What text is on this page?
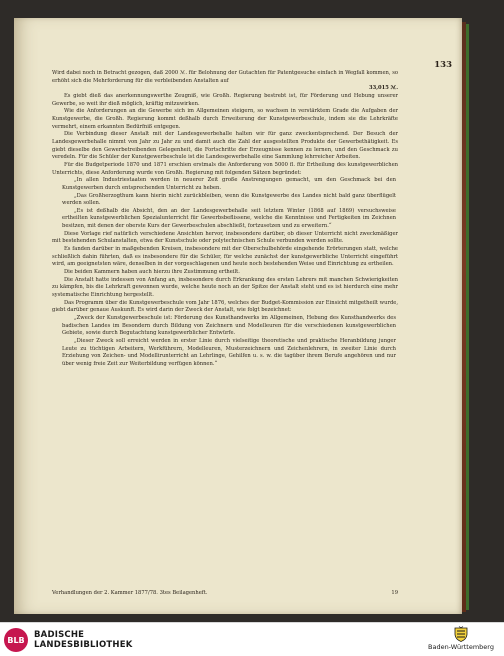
133

Wird dabei noch in Betracht gezogen, daß 2000 ℳ. für Belohnung der Gutachten für Patentgesuche einfach in Wegfall kommen, so erhöht sich die Mehrforderung für die verbleibenden Anstalten auf

33,015 ℳ.

Es giebt dieß das anerkennungswerthe Zeugniß, wie Großh. Regierung bestrebt ist, für Förderung und Hebung unserer Gewerbe, so weit ihr dieß möglich, kräftig mitzuwirken.

Wie die Anforderungen an die Gewerbe sich im Allgemeinen steigern, so wachsen in verstärktem Grade die Aufgaben der Kunstgewerbe, die Großh. Regierung kommt deßhalb durch Erweiterung der Kunstgewerbeschule, indem sie die Lehrkräfte vermehrt, einem erkannten Bedürfniß entgegen.

Die Verbindung dieser Anstalt mit der Landesgewerbehalle halten wir für ganz zweckentsprechend. Der Besuch der Landesgewerbehalle nimmt von Jahr zu Jahr zu und damit auch die Zahl der ausgestellten Produkte der Gewerbethätigkeit. Es giebt dieselbe den Gewerbetreibenden Gelegenheit, die Fortschritte der Erzeugnisse kennen zu lernen, und den Geschmack zu veredeln. Für die Schüler der Kunstgewerbeschule ist die Landesgewerbehalle eine Sammlung lehrreicher Arbeiten.

Für die Budgetperiode 1870 und 1871 erschien erstmals die Anforderung von 5000 fl. für Ertheilung des kunstgewerblichen Unterrichts, diese Anforderung wurde von Großh. Regierung mit folgenden Sätzen begründet:

„In allen Industriestaaten werden in neuerer Zeit große Anstrengungen gemacht, um den Geschmack bei den Kunstgewerben durch entsprechenden Unterricht zu heben.

„Das Großherzogthum kann hierin nicht zurückbleiben, wenn die Kunstgewerbe des Landes nicht bald ganz überflügelt werden sollen.

„Es ist deßhalb die Absicht, den an der Landesgewerbehalle seit letztem Winter (1868 auf 1869) versuchsweise ertheilten kunstgewerblichen Spezialunterricht für Gewerbsbeflissene, welche die Kenntnisse und Fertigkeiten im Zeichnen besitzen, mit denen der oberste Kurs der Gewerbeschulen abschließt, fortzusetzen und zu erweitern.“

Diese Vorlage rief natürlich verschiedene Ansichten hervor, insbesondere darüber, ob dieser Unterricht nicht zweckmäßiger mit bestehenden Schulanstalten, etwa der Kunstschule oder polytechnischen Schule verbunden werden sollte.

Es fanden darüber in maßgebenden Kreisen, insbesondere mit der Oberschulbehörde eingehende Erörterungen statt, welche schließlich dahin führten, daß es insbesondere für die Schüler, für welche zunächst der kunstgewerbliche Unterricht eingeführt wird, am geeignetsten wäre, denselben in der vorgeschlagenen und heute noch bestehenden Weise und Einrichtung zu ertheilen.

Die beiden Kammern haben auch hierzu ihre Zustimmung ertheilt.

Die Anstalt hatte indessen von Anfang an, insbesondere durch Erkrankung des ersten Lehrers mit manchen Schwierigkeiten zu kämpfen, bis die Lehrkraft gewonnen wurde, welche heute noch an der Spitze der Anstalt steht und es ist hierdurch eine mehr systematische Einrichtung hergestellt.

Das Programm über die Kunstgewerbeschule vom Jahr 1876, welches der Budget-Kommission zur Einsicht mitgetheilt wurde, giebt darüber genaue Auskunft. Es wird darin der Zweck der Anstalt, wie folgt bezeichnet:

„Zweck der Kunstgewerbeschule ist: Förderung des Kunsthandwerks im Allgemeinen, Hebung des Kunsthandwerks des badischen Landes im Besondern durch Bildung von Zeichnern und Modelleuren für die verschiedenen kunstgewerblichen Gebiete, sowie durch Begutachtung kunstgewerblicher Entwürfe.

„Dieser Zweck soll erreicht werden in erster Linie durch vielseitige theoretische und praktische Heranbildung junger Leute zu tüchtigen Arbeitern, Werkführern, Modelleuren, Musterzeichnern und Zeichenlehrern, in zweiter Linie durch Erziehung von Zeichen- und Modellirunterricht an Lehrlinge, Gehilfen u. s. w. die tagüber ihrem Berufe angehören und nur über wenig freie Zeit zur Weiterbildung verfügen können.“

Verhandlungen der 2. Kammer 1877/78. 3tes Beilagenheft.	19
BLB	BADISCHE
LANDESBIBLIOTHEK	Baden-Württemberg
